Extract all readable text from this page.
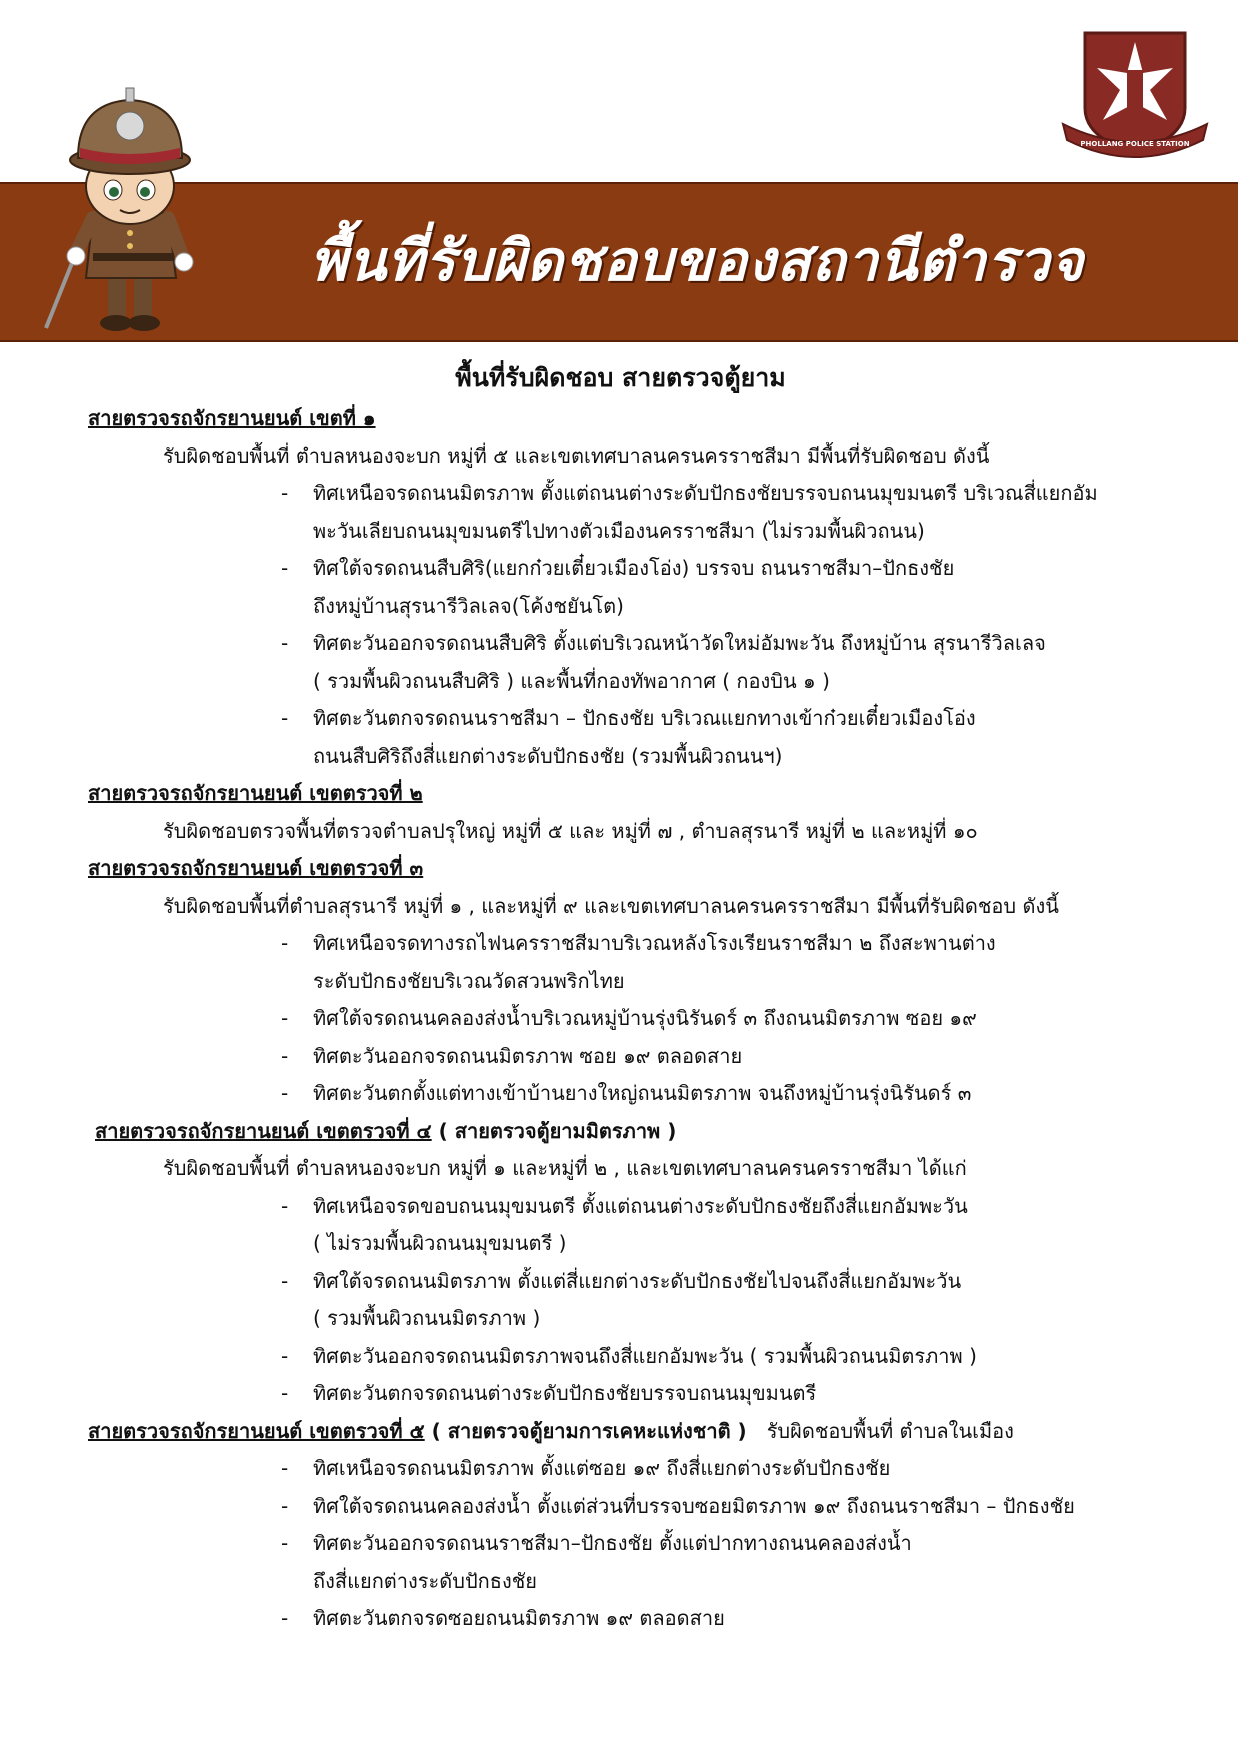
พื้นที่รับผิดชอบของสถานีตำรวจ
PHOLLANG POLICE STATION
พื้นที่รับผิดชอบ สายตรวจตู้ยาม
สายตรวจรถจักรยานยนต์ เขตที่ ๑
รับผิดชอบพื้นที่ ตำบลหนองจะบก หมู่ที่ ๕ และเขตเทศบาลนครนครราชสีมา มีพื้นที่รับผิดชอบ ดังนี้
- ทิศเหนือจรดถนนมิตรภาพ ตั้งแต่ถนนต่างระดับปักธงชัยบรรจบถนนมุขมนตรี บริเวณสี่แยกอัม
พะวันเลียบถนนมุขมนตรีไปทางตัวเมืองนครราชสีมา (ไม่รวมพื้นผิวถนน)
- ทิศใต้จรดถนนสืบศิริ(แยกก๋วยเตี๋ยวเมืองโอ่ง) บรรจบ ถนนราชสีมา–ปักธงชัย
ถึงหมู่บ้านสุรนารีวิลเลจ(โค้งชยันโต)
- ทิศตะวันออกจรดถนนสืบศิริ ตั้งแต่บริเวณหน้าวัดใหม่อัมพะวัน ถึงหมู่บ้าน สุรนารีวิลเลจ
( รวมพื้นผิวถนนสืบศิริ ) และพื้นที่กองทัพอากาศ ( กองบิน ๑ )
- ทิศตะวันตกจรดถนนราชสีมา – ปักธงชัย บริเวณแยกทางเข้าก๋วยเตี๋ยวเมืองโอ่ง
ถนนสืบศิริถึงสี่แยกต่างระดับปักธงชัย (รวมพื้นผิวถนนฯ)
สายตรวจรถจักรยานยนต์ เขตตรวจที่ ๒
รับผิดชอบตรวจพื้นที่ตรวจตำบลปรุใหญ่ หมู่ที่ ๕ และ หมู่ที่ ๗ , ตำบลสุรนารี หมู่ที่ ๒ และหมู่ที่ ๑๐
สายตรวจรถจักรยานยนต์ เขตตรวจที่ ๓
รับผิดชอบพื้นที่ตำบลสุรนารี หมู่ที่ ๑ , และหมู่ที่ ๙ และเขตเทศบาลนครนครราชสีมา มีพื้นที่รับผิดชอบ ดังนี้
- ทิศเหนือจรดทางรถไฟนครราชสีมาบริเวณหลังโรงเรียนราชสีมา ๒ ถึงสะพานต่าง
ระดับปักธงชัยบริเวณวัดสวนพริกไทย
- ทิศใต้จรดถนนคลองส่งน้ำบริเวณหมู่บ้านรุ่งนิรันดร์ ๓ ถึงถนนมิตรภาพ ซอย ๑๙
- ทิศตะวันออกจรดถนนมิตรภาพ ซอย ๑๙ ตลอดสาย
- ทิศตะวันตกตั้งแต่ทางเข้าบ้านยางใหญ่ถนนมิตรภาพ จนถึงหมู่บ้านรุ่งนิรันดร์ ๓
สายตรวจรถจักรยานยนต์ เขตตรวจที่ ๔ ( สายตรวจตู้ยามมิตรภาพ )
รับผิดชอบพื้นที่ ตำบลหนองจะบก หมู่ที่ ๑ และหมู่ที่ ๒ , และเขตเทศบาลนครนครราชสีมา ได้แก่
- ทิศเหนือจรดขอบถนนมุขมนตรี ตั้งแต่ถนนต่างระดับปักธงชัยถึงสี่แยกอัมพะวัน
( ไม่รวมพื้นผิวถนนมุขมนตรี )
- ทิศใต้จรดถนนมิตรภาพ ตั้งแต่สี่แยกต่างระดับปักธงชัยไปจนถึงสี่แยกอัมพะวัน
( รวมพื้นผิวถนนมิตรภาพ )
- ทิศตะวันออกจรดถนนมิตรภาพจนถึงสี่แยกอัมพะวัน ( รวมพื้นผิวถนนมิตรภาพ )
- ทิศตะวันตกจรดถนนต่างระดับปักธงชัยบรรจบถนนมุขมนตรี
สายตรวจรถจักรยานยนต์ เขตตรวจที่ ๕ ( สายตรวจตู้ยามการเคหะแห่งชาติ ) รับผิดชอบพื้นที่ ตำบลในเมือง
- ทิศเหนือจรดถนนมิตรภาพ ตั้งแต่ซอย ๑๙ ถึงสี่แยกต่างระดับปักธงชัย
- ทิศใต้จรดถนนคลองส่งน้ำ ตั้งแต่ส่วนที่บรรจบซอยมิตรภาพ ๑๙ ถึงถนนราชสีมา – ปักธงชัย
- ทิศตะวันออกจรดถนนราชสีมา–ปักธงชัย ตั้งแต่ปากทางถนนคลองส่งน้ำ
ถึงสี่แยกต่างระดับปักธงชัย
- ทิศตะวันตกจรดซอยถนนมิตรภาพ ๑๙ ตลอดสาย
